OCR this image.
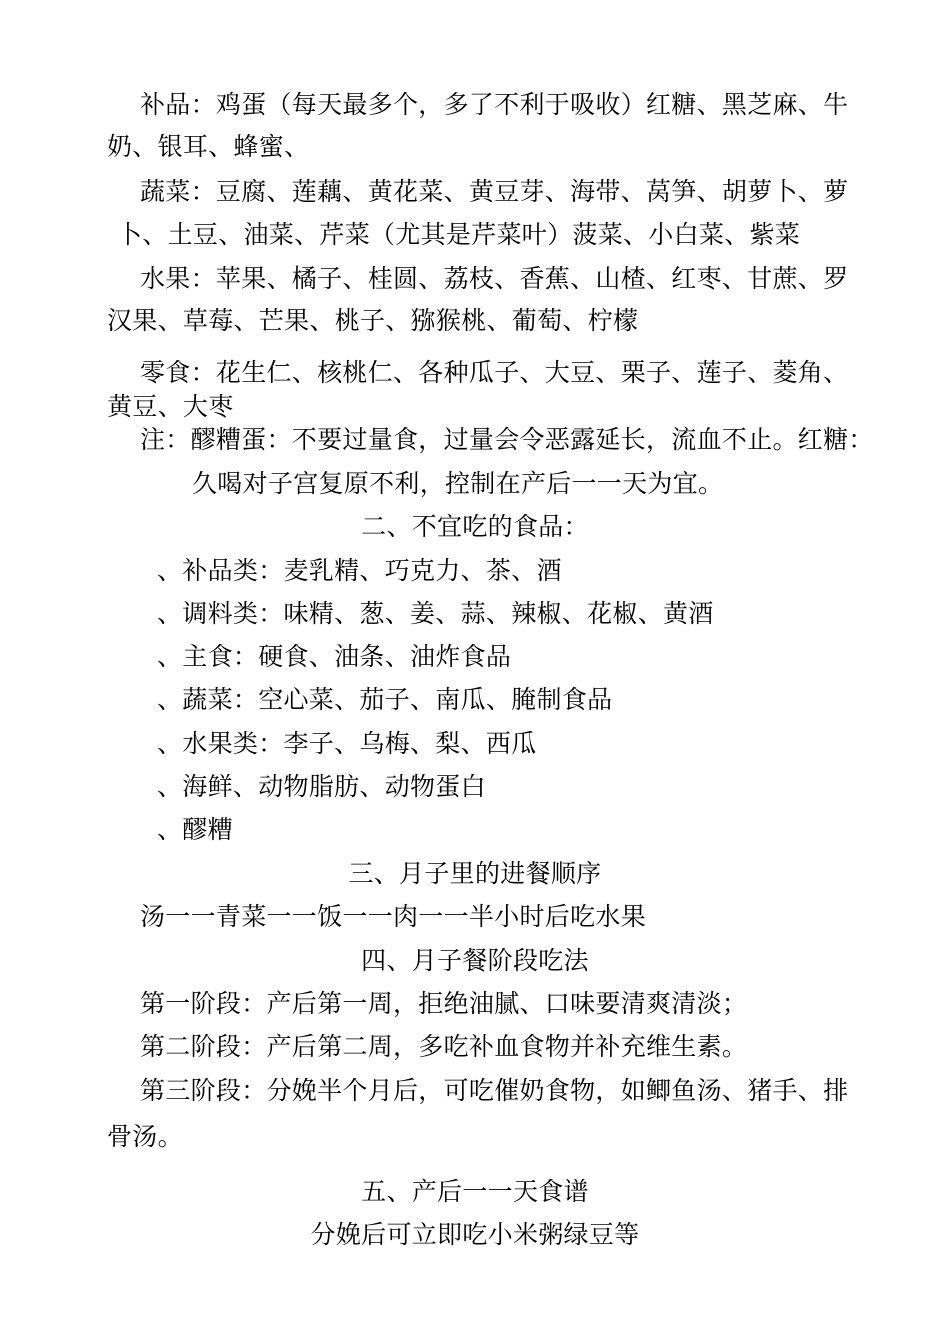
补品：鸡蛋（每天最多个，多了不利于吸收）红糖、黑芝麻、牛
奶、银耳、蜂蜜、
蔬菜：豆腐、莲藕、黄花菜、黄豆芽、海带、莴笋、胡萝卜、萝
卜、土豆、油菜、芹菜（尤其是芹菜叶）菠菜、小白菜、紫菜
水果：苹果、橘子、桂圆、荔枝、香蕉、山楂、红枣、甘蔗、罗
汉果、草莓、芒果、桃子、猕猴桃、葡萄、柠檬
零食：花生仁、核桃仁、各种瓜子、大豆、栗子、莲子、菱角、
黄豆、大枣
注：醪糟蛋：不要过量食，过量会令恶露延长，流血不止。红糖：
久喝对子宫复原不利，控制在产后一一天为宜。
二、不宜吃的食品：
、补品类：麦乳精、巧克力、茶、酒
、调料类：味精、葱、姜、蒜、辣椒、花椒、黄酒
、主食：硬食、油条、油炸食品
、蔬菜：空心菜、茄子、南瓜、腌制食品
、水果类：李子、乌梅、梨、西瓜
、海鲜、动物脂肪、动物蛋白
、醪糟
三、月子里的进餐顺序
汤一一青菜一一饭一一肉一一半小时后吃水果
四、月子餐阶段吃法
第一阶段：产后第一周，拒绝油腻、口味要清爽清淡；
第二阶段：产后第二周，多吃补血食物并补充维生素。
第三阶段：分娩半个月后，可吃催奶食物，如鲫鱼汤、猪手、排
骨汤。
五、产后一一天食谱
分娩后可立即吃小米粥绿豆等
